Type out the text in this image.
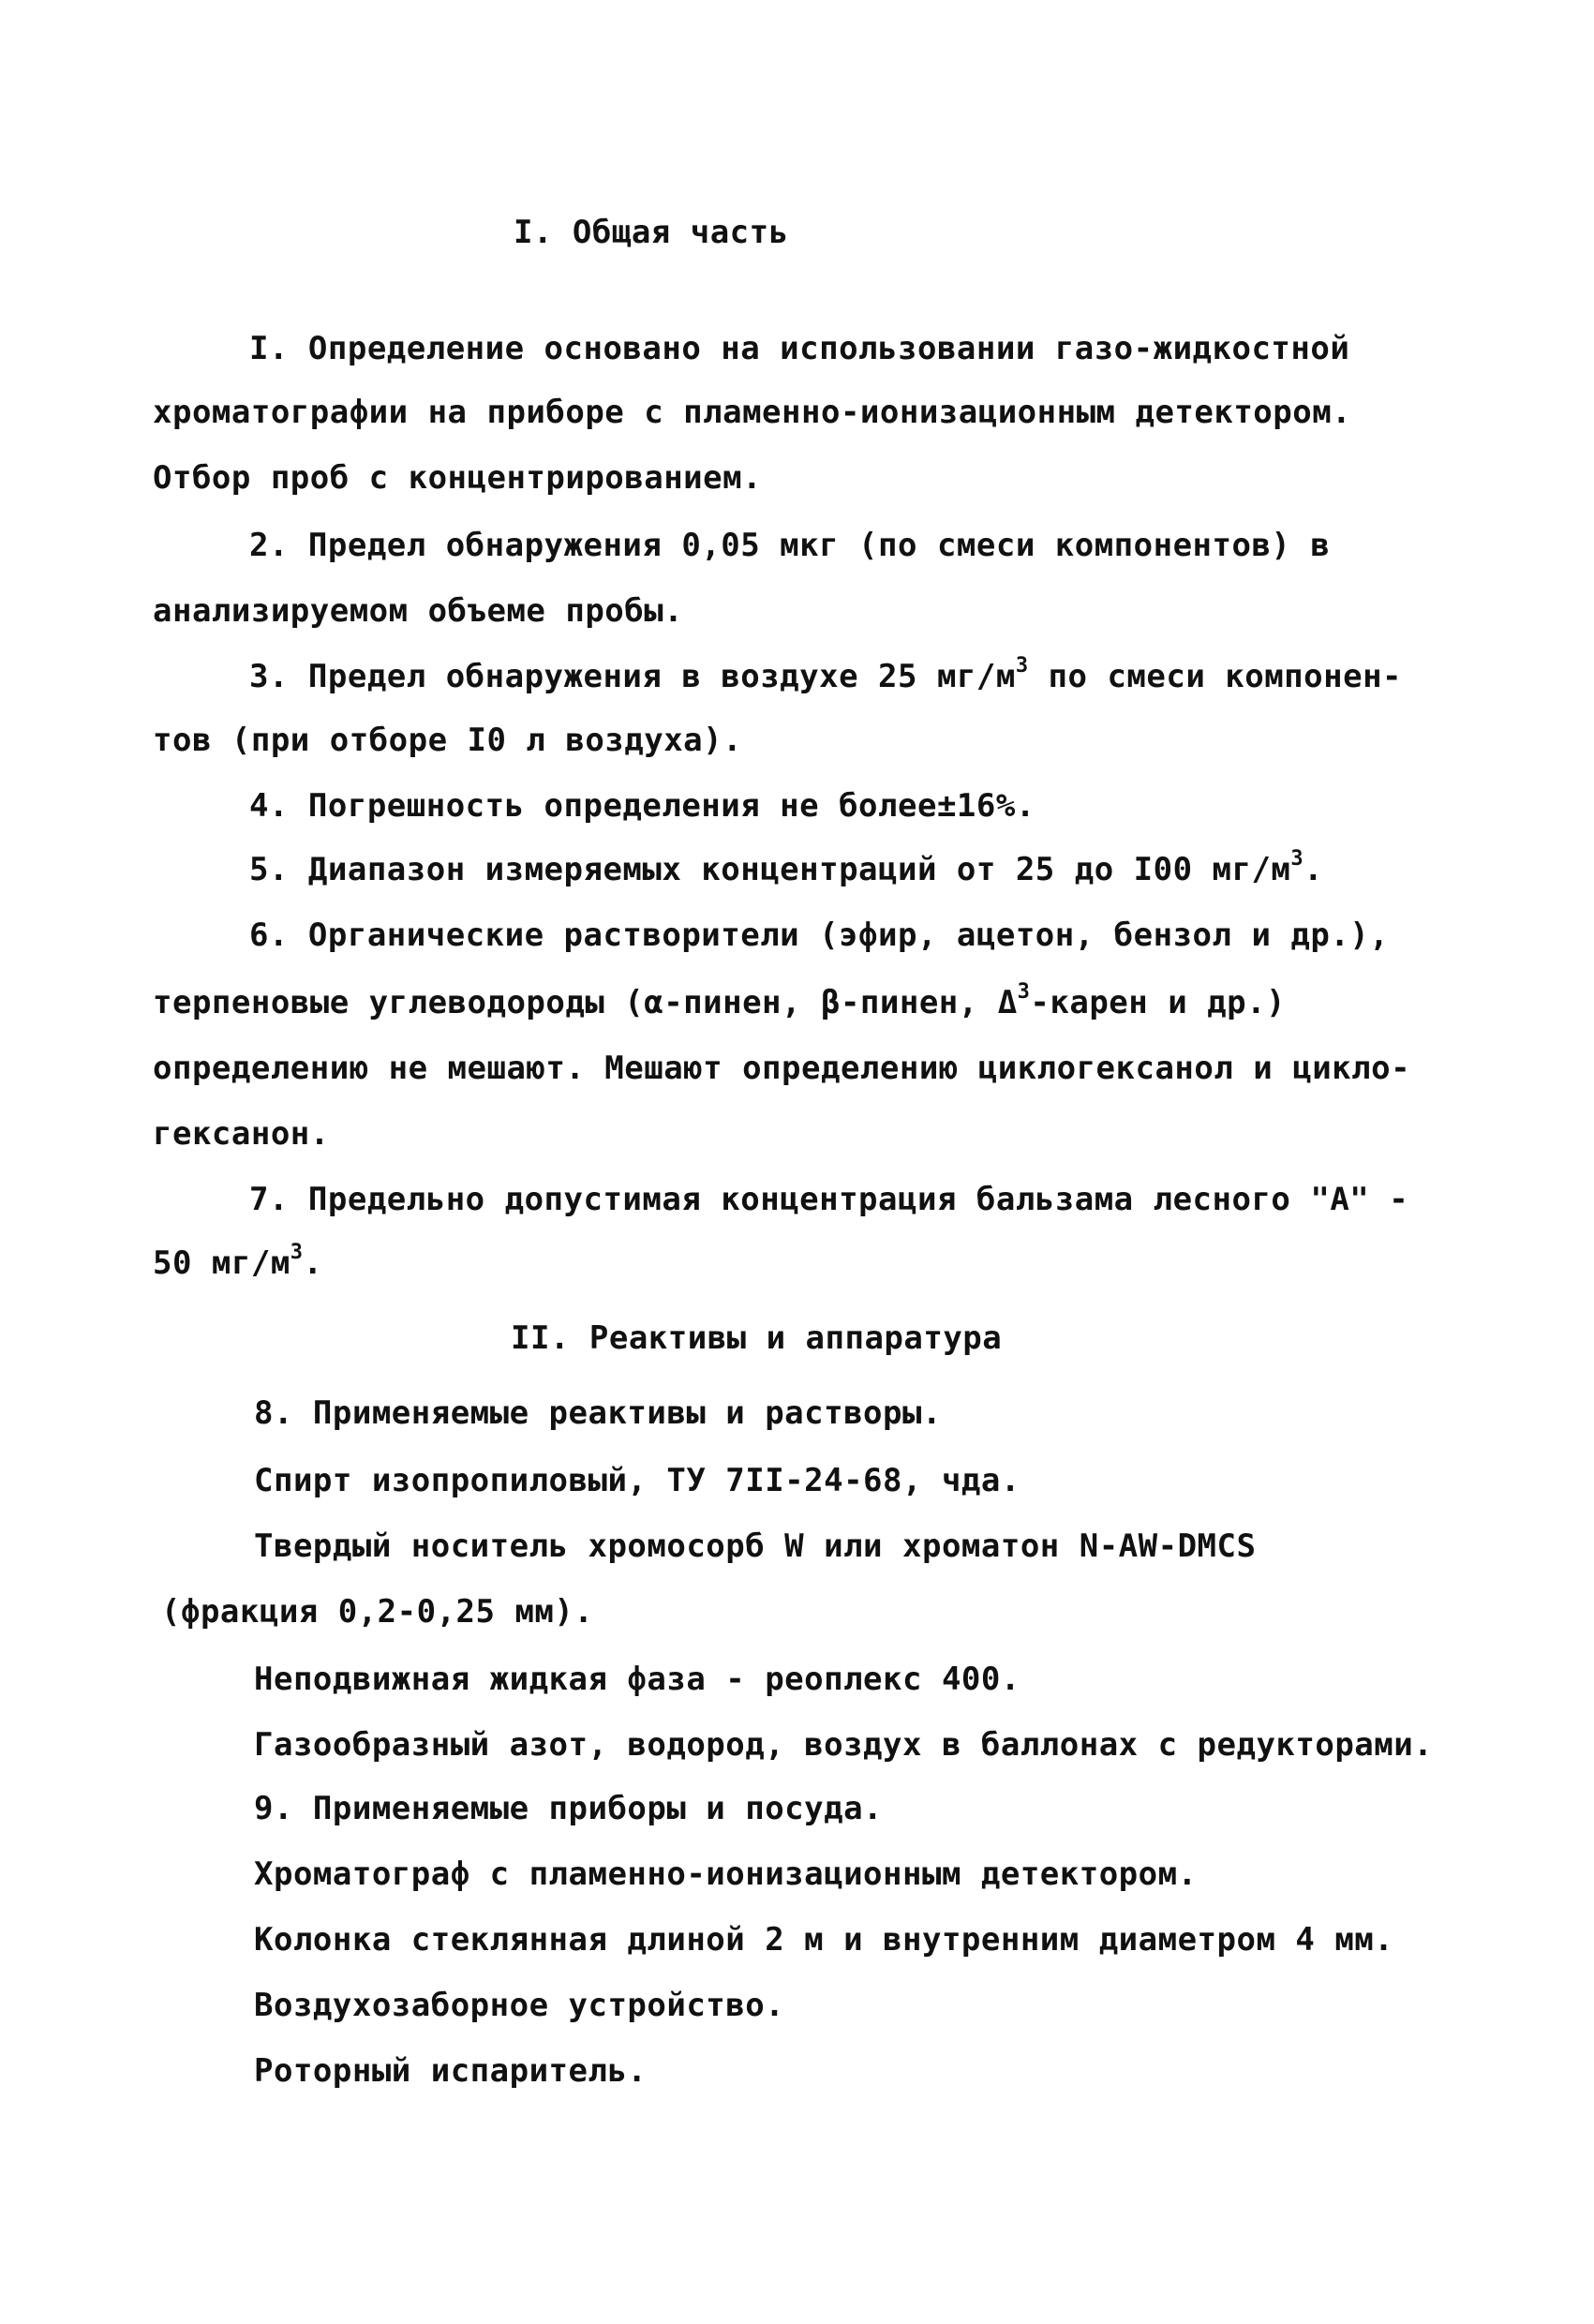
I. Общая часть
I. Определение основано на использовании газо-жидкостной
хроматографии на приборе с пламенно-ионизационным детектором.
Отбор проб с концентрированием.
2. Предел обнаружения 0,05 мкг (по смеси компонентов) в
анализируемом объеме пробы.
3. Предел обнаружения в воздухе 25 $мг/м^3$ по смеси компонен-
тов (при отборе I0 л воздуха).
4. Погрешность определения не более±16%.
5. Диапазон измеряемых концентраций от 25 до I00 $мг/м^3$.
6. Органические растворители (эфир, ацетон, бензол и др.),
терпеновые углеводороды (α-пинен, β-пинен, $\Delta^3$-карен и др.)
определению не мешают. Мешают определению циклогексанол и цикло-
гексанон.
7. Предельно допустимая концентрация бальзама лесного "А" -
50 $мг/м^3$.
II. Реактивы и аппаратура
8. Применяемые реактивы и растворы.
Спирт изопропиловый, ТУ 7II-24-68, чда.
Твердый носитель хромосорб W или хроматон N-AW-DMCS
(фракция 0,2-0,25 мм).
Неподвижная жидкая фаза - реоплекс 400.
Газообразный азот, водород, воздух в баллонах с редукторами.
9. Применяемые приборы и посуда.
Хроматограф с пламенно-ионизационным детектором.
Колонка стеклянная длиной 2 м и внутренним диаметром 4 мм.
Воздухозаборное устройство.
Роторный испаритель.
